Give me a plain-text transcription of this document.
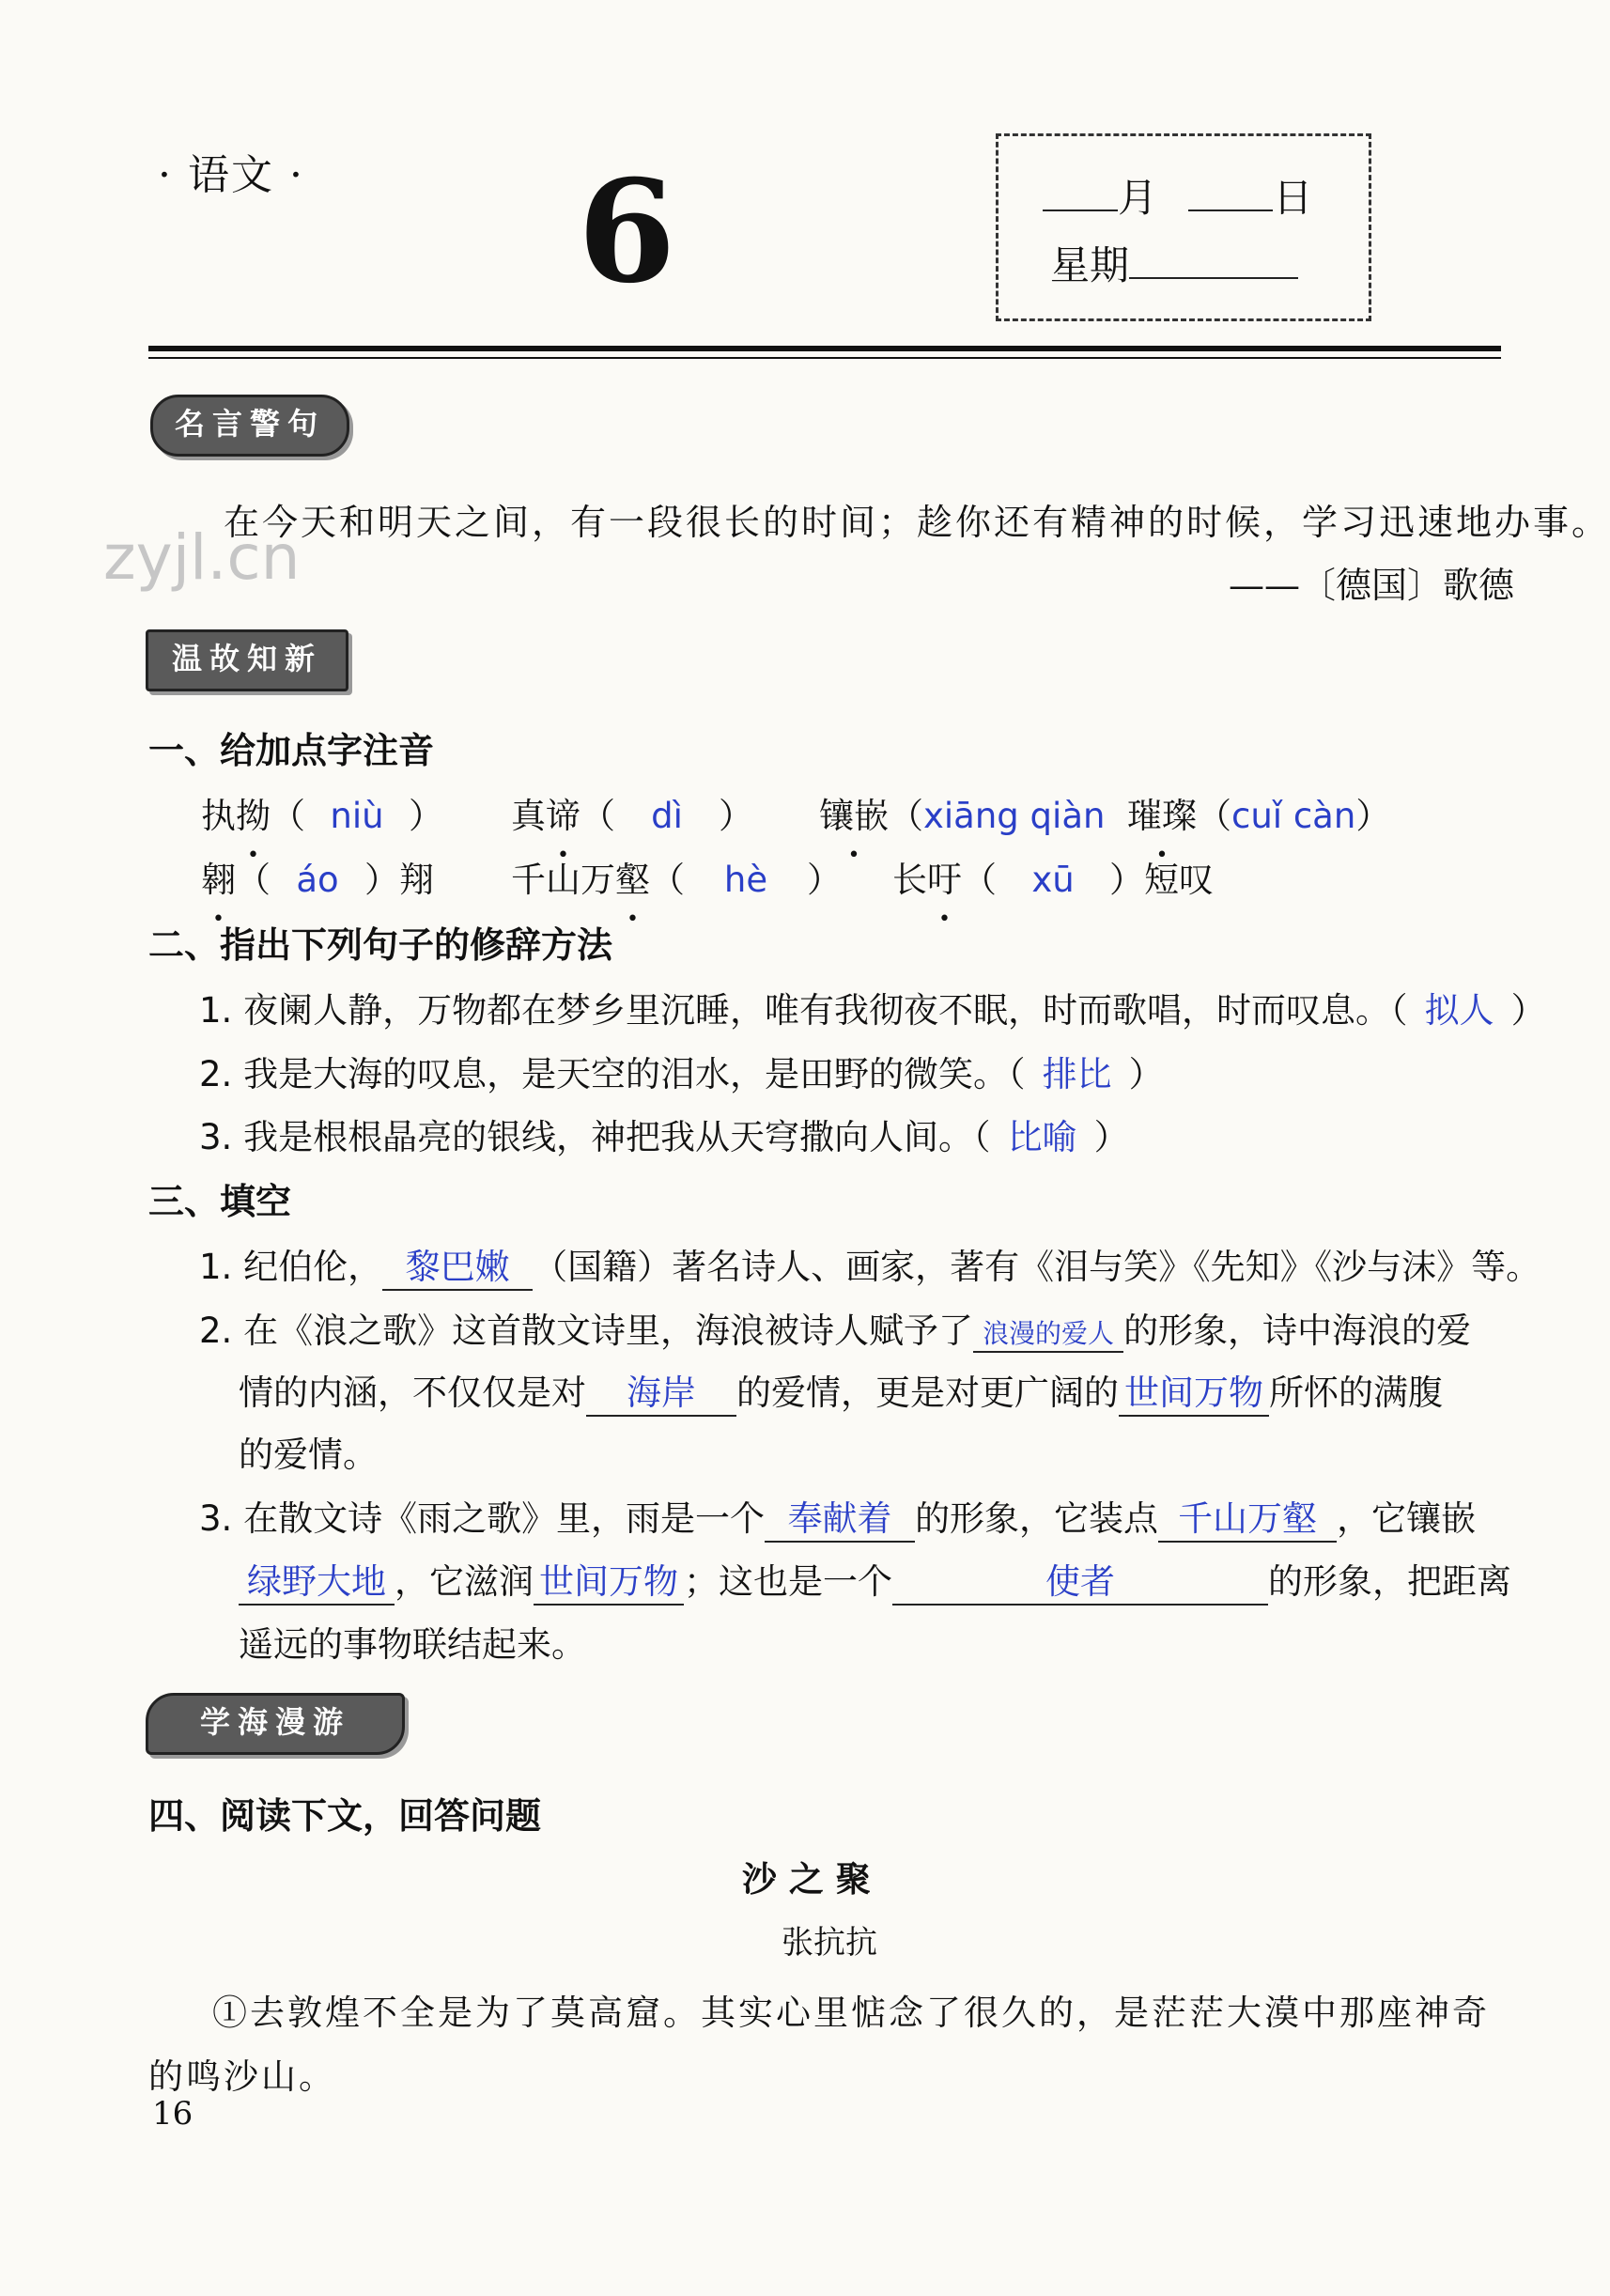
· 语文 · 6	月	日
星期
名言警句
zyjl.cn
在今天和明天之间，有一段很长的时间；趁你还有精神的时候，学习迅速地办事。
——〔德国〕歌德
温故知新
一、给加点字注音
执拗（ niù ） 真谛（ dì ） 镶嵌（xiāng qiàn 璀璨（cuǐ càn）
翱（ áo ）翔 千山万壑（ hè ） 长吁（ xū ）短叹
二、指出下列句子的修辞方法
1. 夜阑人静，万物都在梦乡里沉睡，唯有我彻夜不眠，时而歌唱，时而叹息。（ 拟人 ）
2. 我是大海的叹息，是天空的泪水，是田野的微笑。（ 排比 ）
3. 我是根根晶亮的银线，神把我从天穹撒向人间。（ 比喻 ）
三、填空
1. 纪伯伦， 黎巴嫩 （国籍）著名诗人、画家，著有《泪与笑》《先知》《沙与沫》等。
2. 在《浪之歌》这首散文诗里，海浪被诗人赋予了 浪漫的爱人 的形象，诗中海浪的爱
情的内涵，不仅仅是对 海岸 的爱情，更是对更广阔的 世间万物 所怀的满腹
的爱情。
3. 在散文诗《雨之歌》里，雨是一个 奉献着 的形象，它装点 千山万壑 ，它镶嵌
绿野大地 ，它滋润 世间万物 ；这也是一个	使者	的形象，把距离
遥远的事物联结起来。
学海漫游
四、阅读下文，回答问题
沙 之 聚
张抗抗
①去敦煌不全是为了莫高窟。其实心里惦念了很久的，是茫茫大漠中那座神奇
的鸣沙山。
16
